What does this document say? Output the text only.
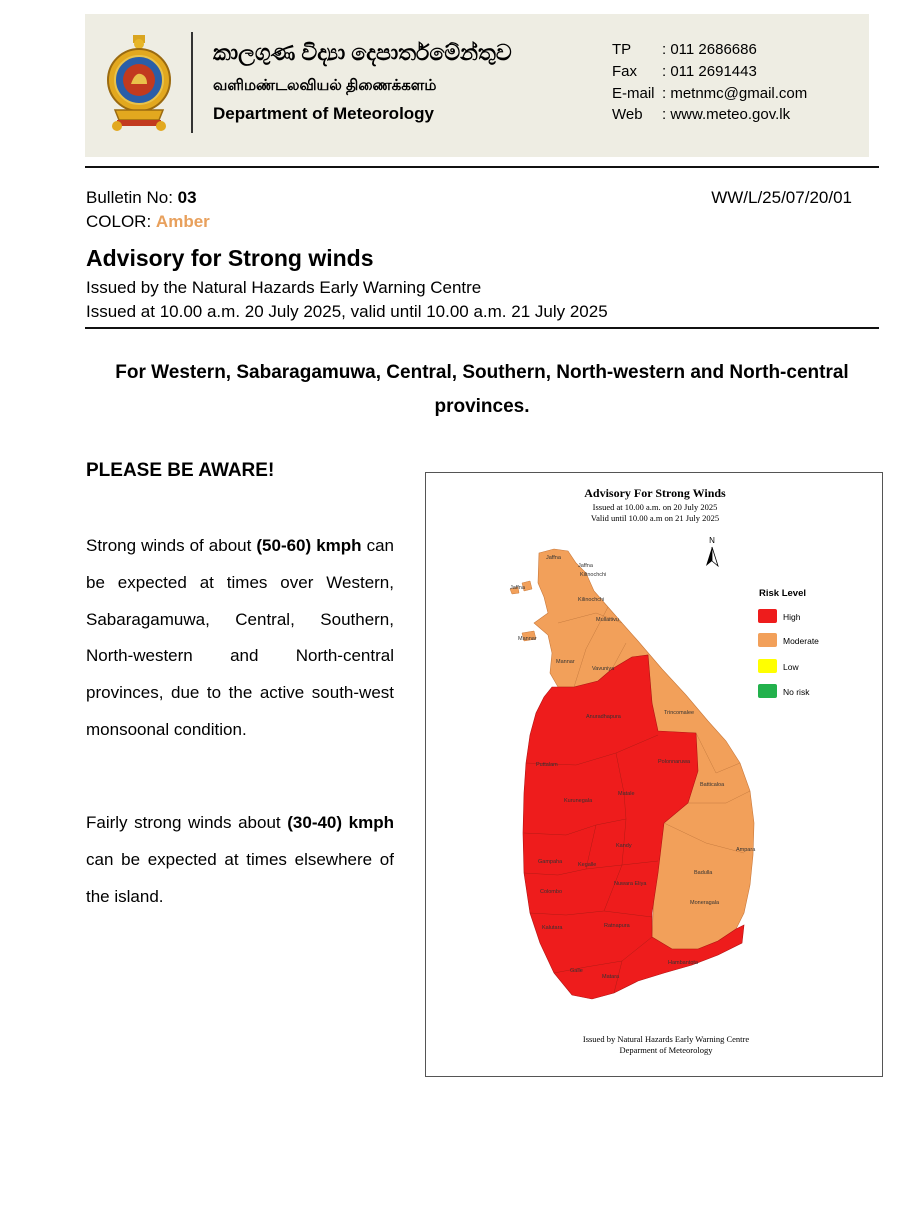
කාලගුණ විද්‍යා දෙපාර්තමේන්තුව
வளிமண்டலவியல் திணைக்களம்
Department of Meteorology
TP : 011 2686686
Fax : 011 2691443
E-mail : metnmc@gmail.com
Web : www.meteo.gov.lk
Bulletin No: 03
COLOR: Amber
WW/L/25/07/20/01
Advisory for Strong winds
Issued by the Natural Hazards Early Warning Centre
Issued at 10.00 a.m. 20 July 2025, valid until 10.00 a.m. 21 July 2025
For Western, Sabaragamuwa, Central, Southern, North-western and North-central provinces.
PLEASE BE AWARE!
Strong winds of about (50-60) kmph can be expected at times over Western, Sabaragamuwa, Central, Southern, North-western and North-central provinces, due to the active south-west monsoonal condition.
Fairly strong winds about (30-40) kmph can be expected at times elsewhere of the island.
Advisory For Strong Winds
Issued at 10.00 a.m. on 20 July 2025
Valid until 10.00 a.m on 21 July 2025
N
Risk Level
High
Moderate
Low
No risk
Jaffna
Jaffna
Kilinochchi
Jaffna
Kilinochchi
Mullaitivu
Mannar
Mannar
Vavuniya
Anuradhapura
Trincomalee
Polonnaruwa
Puttalam
Batticaloa
Kurunegala
Matale
Kandy
Ampara
Gampaha	Kegalle
Badulla
Colombo
Nuwara Eliya
Moneragala
Kalutara	Ratnapura
Hambantota
Galle
Matara
Issued by Natural Hazards Early Warning Centre
Deparment of Meteorology
